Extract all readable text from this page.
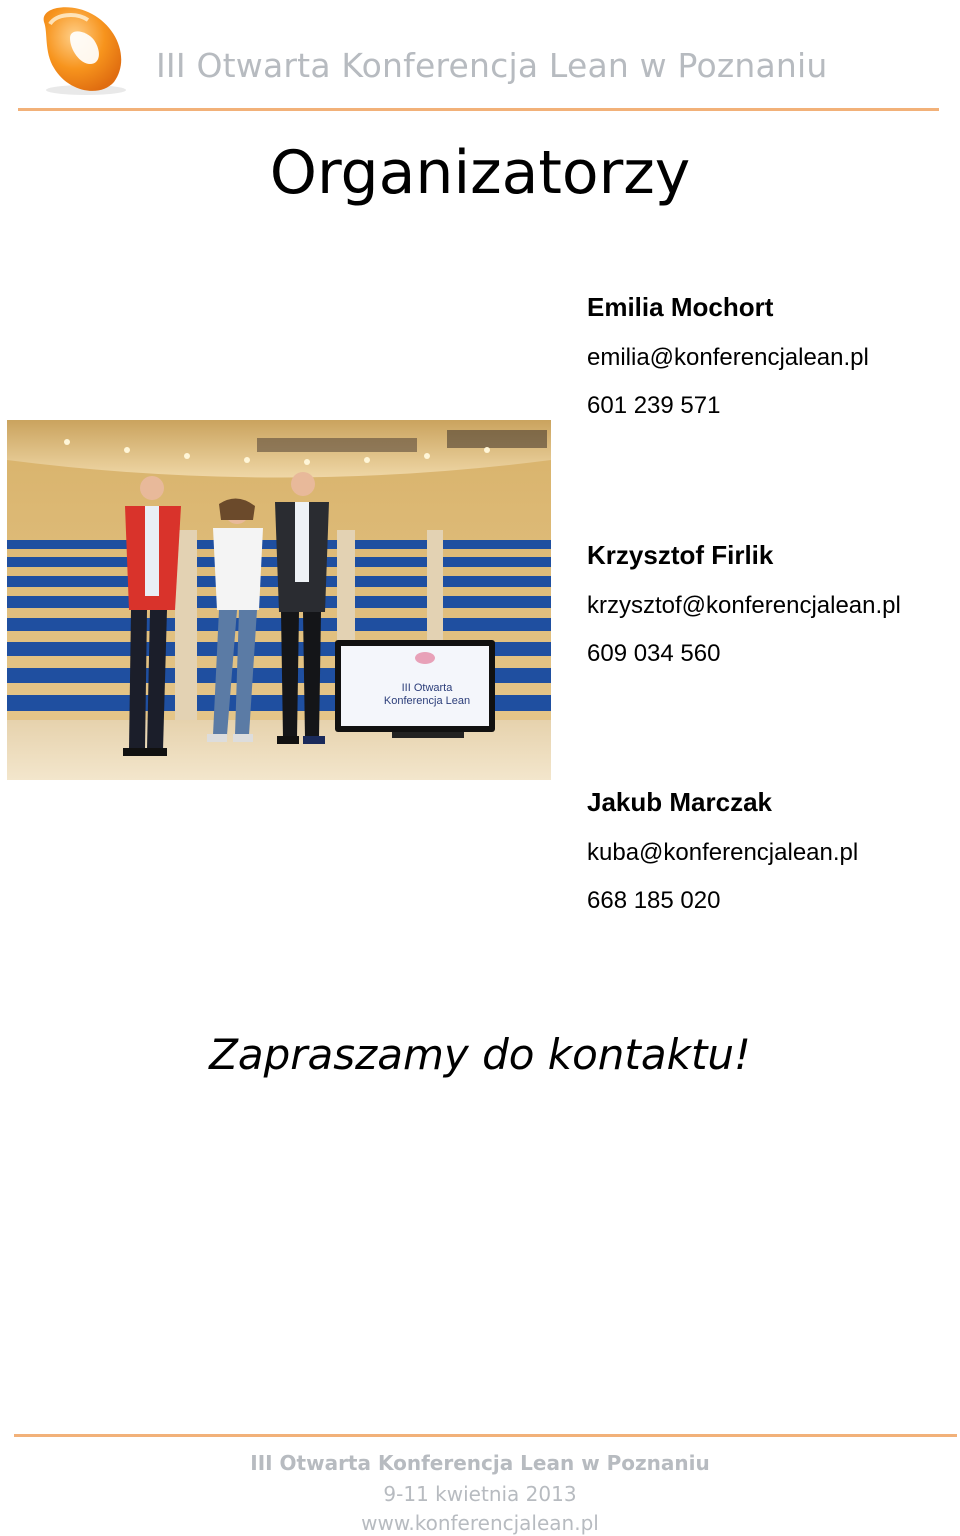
III Otwarta Konferencja Lean w Poznaniu
Organizatorzy
III Otwarta
Konferencja Lean
Emilia Mochort
emilia@konferencjalean.pl
601 239 571
Krzysztof Firlik
krzysztof@konferencjalean.pl
609 034 560
Jakub Marczak
kuba@konferencjalean.pl
668 185 020
Zapraszamy do kontaktu!
III Otwarta Konferencja Lean w Poznaniu
9-11 kwietnia 2013
www.konferencjalean.pl
